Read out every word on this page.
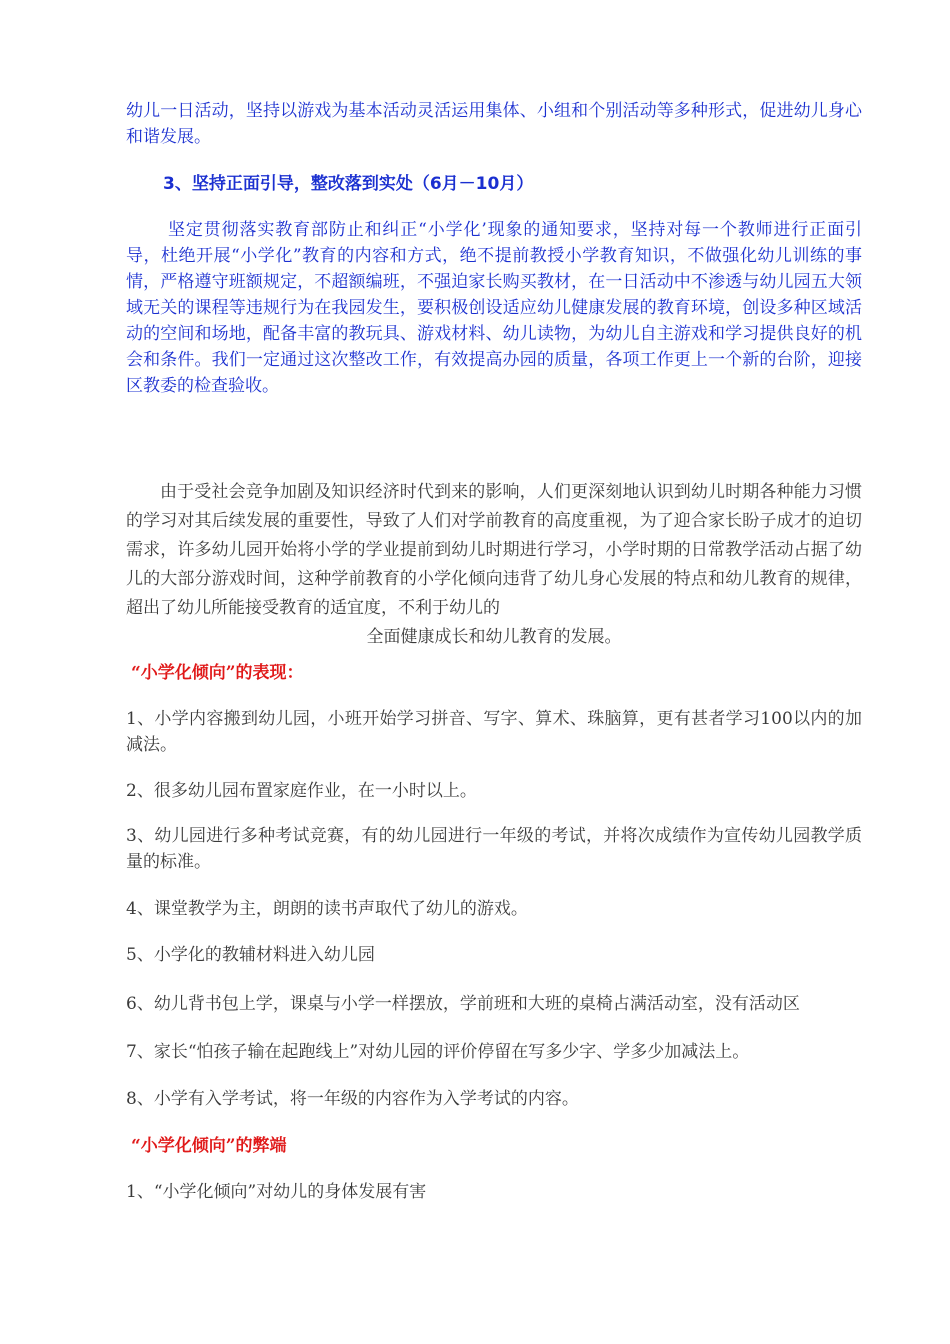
幼儿一日活动，坚持以游戏为基本活动灵活运用集体、小组和个别活动等多种形式，促进幼儿身心和谐发展。

3、坚持正面引导，整改落到实处（6月－10月）

坚定贯彻落实教育部防止和纠正“小学化’现象的通知要求，坚持对每一个教师进行正面引导，杜绝开展“小学化”教育的内容和方式，绝不提前教授小学教育知识，不做强化幼儿训练的事情，严格遵守班额规定，不超额编班，不强迫家长购买教材，在一日活动中不渗透与幼儿园五大领域无关的课程等违规行为在我园发生，要积极创设适应幼儿健康发展的教育环境，创设多种区域活动的空间和场地，配备丰富的教玩具、游戏材料、幼儿读物，为幼儿自主游戏和学习提供良好的机会和条件。我们一定通过这次整改工作，有效提高办园的质量，各项工作更上一个新的台阶，迎接区教委的检查验收。

由于受社会竞争加剧及知识经济时代到来的影响，人们更深刻地认识到幼儿时期各种能力习惯的学习对其后续发展的重要性，导致了人们对学前教育的高度重视，为了迎合家长盼子成才的迫切需求，许多幼儿园开始将小学的学业提前到幼儿时期进行学习，小学时期的日常教学活动占据了幼儿的大部分游戏时间，这种学前教育的小学化倾向违背了幼儿身心发展的特点和幼儿教育的规律，超出了幼儿所能接受教育的适宜度，不利于幼儿的
全面健康成长和幼儿教育的发展。

“小学化倾向”的表现：

1、小学内容搬到幼儿园，小班开始学习拼音、写字、算术、珠脑算，更有甚者学习100以内的加减法。

2、很多幼儿园布置家庭作业，在一小时以上。

3、幼儿园进行多种考试竞赛，有的幼儿园进行一年级的考试，并将次成绩作为宣传幼儿园教学质量的标准。

4、课堂教学为主，朗朗的读书声取代了幼儿的游戏。

5、小学化的教辅材料进入幼儿园

6、幼儿背书包上学，课桌与小学一样摆放，学前班和大班的桌椅占满活动室，没有活动区

7、家长“怕孩子输在起跑线上”对幼儿园的评价停留在写多少字、学多少加减法上。

8、小学有入学考试，将一年级的内容作为入学考试的内容。

“小学化倾向”的弊端

1、“小学化倾向”对幼儿的身体发展有害
